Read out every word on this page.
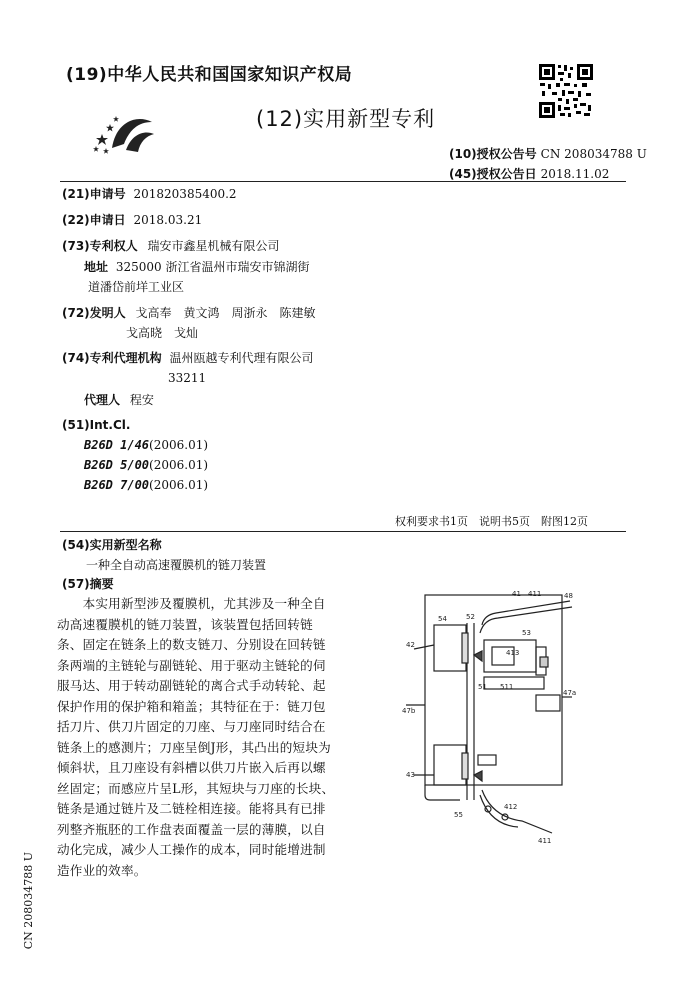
(19)中华人民共和国国家知识产权局
(12)实用新型专利
(10)授权公告号 CN 208034788 U
(45)授权公告日 2018.11.02
(21)申请号 201820385400.2
(22)申请日 2018.03.21
(73)专利权人 瑞安市鑫星机械有限公司
地址 325000 浙江省温州市瑞安市锦湖街
道潘岱前垟工业区
(72)发明人 戈高奉　黄文鸿　周浙永　陈建敏
戈高晓　戈灿
(74)专利代理机构 温州瓯越专利代理有限公司
33211
代理人 程安
(51)Int.Cl.
B26D 1/46(2006.01)
B26D 5/00(2006.01)
B26D 7/00(2006.01)
权利要求书1页　说明书5页　附图12页
(54)实用新型名称
一种全自动高速覆膜机的链刀装置
(57)摘要
　　本实用新型涉及覆膜机，尤其涉及一种全自
动高速覆膜机的链刀装置，该装置包括回转链
条、固定在链条上的数支链刀、分别设在回转链
条两端的主链轮与副链轮、用于驱动主链轮的伺
服马达、用于转动副链轮的离合式手动转轮、起
保护作用的保护箱和箱盖；其特征在于：链刀包
括刀片、供刀片固定的刀座、与刀座同时结合在
链条上的感测片；刀座呈倒J形，其凸出的短块为
倾斜状，且刀座设有斜槽以供刀片嵌入后再以螺
丝固定；而感应片呈L形，其短块与刀座的长块、
链条是通过链片及二链栓相连接。能将具有已排
列整齐瓶胚的工作盘表面覆盖一层的薄膜，以自
动化完成，减少人工操作的成本，同时能增进制
造作业的效率。
41 411	48
54	52
53
42
413
51 511
47a
47b
43
412
55
411
CN 208034788 U
